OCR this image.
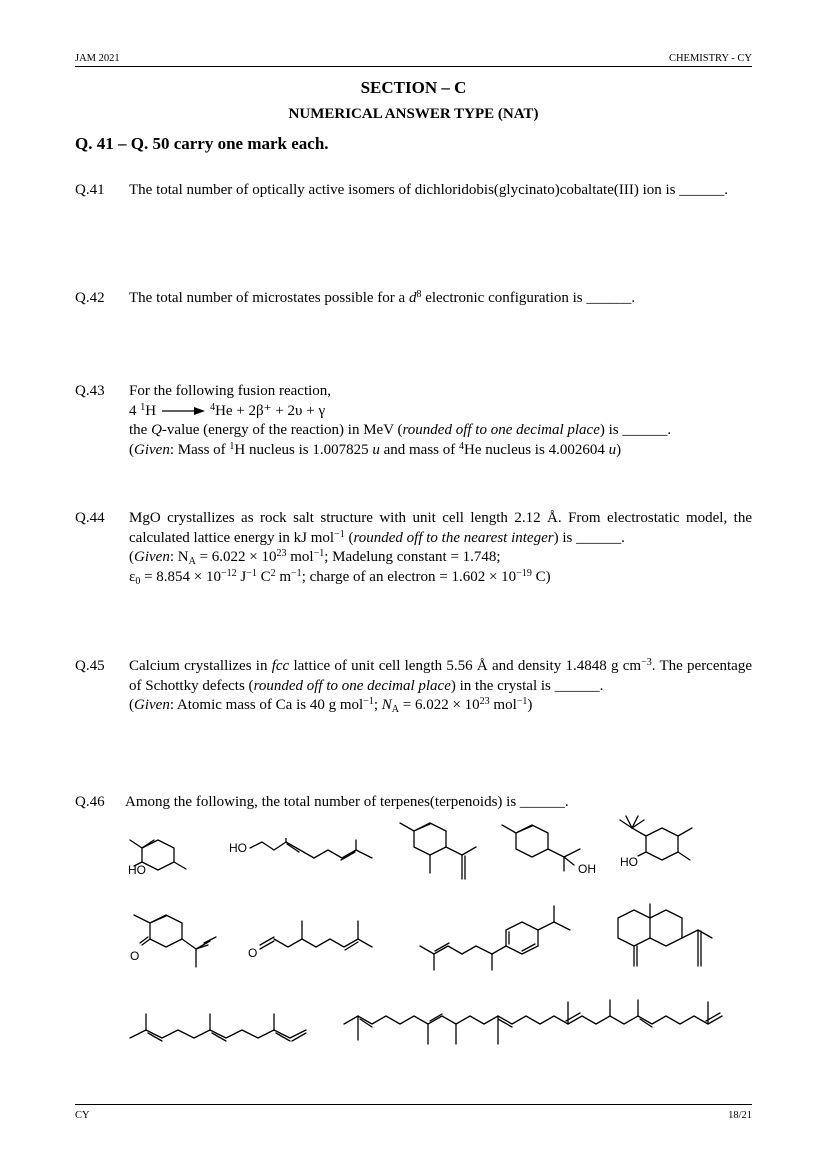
JAM 2021	CHEMISTRY - CY
SECTION – C
NUMERICAL ANSWER TYPE (NAT)
Q. 41 – Q. 50 carry one mark each.
Q.41 The total number of optically active isomers of dichloridobis(glycinato)cobaltate(III) ion is ______.
Q.42 The total number of microstates possible for a $d^8$ electronic configuration is ______.
Q.43 For the following fusion reaction,
4 $^1$H → $^4$He + 2β⁺ + 2υ + γ
the Q-value (energy of the reaction) in MeV (rounded off to one decimal place) is ______.
(Given: Mass of $^1$H nucleus is 1.007825 u and mass of $^4$He nucleus is 4.002604 u)
Q.44 MgO crystallizes as rock salt structure with unit cell length 2.12 Å. From electrostatic model, the calculated lattice energy in kJ mol$^{-1}$ (rounded off to the nearest integer) is ______.
(Given: $N_A = 6.022 \times 10^{23}$ mol$^{-1}$; Madelung constant = 1.748;
$\varepsilon_0 = 8.854 \times 10^{-12}$ $J^{-1}$ $C^2$ $m^{-1}$; charge of an electron = $1.602 \times 10^{-19}$ C)
Q.45 Calcium crystallizes in fcc lattice of unit cell length 5.56 Å and density 1.4848 g $cm^{-3}$. The percentage of Schottky defects (rounded off to one decimal place) in the crystal is ______.
(Given: Atomic mass of Ca is 40 g mol$^{-1}$; $N_A = 6.022 \times 10^{23}$ mol$^{-1}$)
Q.46 Among the following, the total number of terpenes(terpenoids) is ______.
HO
HO
OH HO
O	O
CY	18/21
